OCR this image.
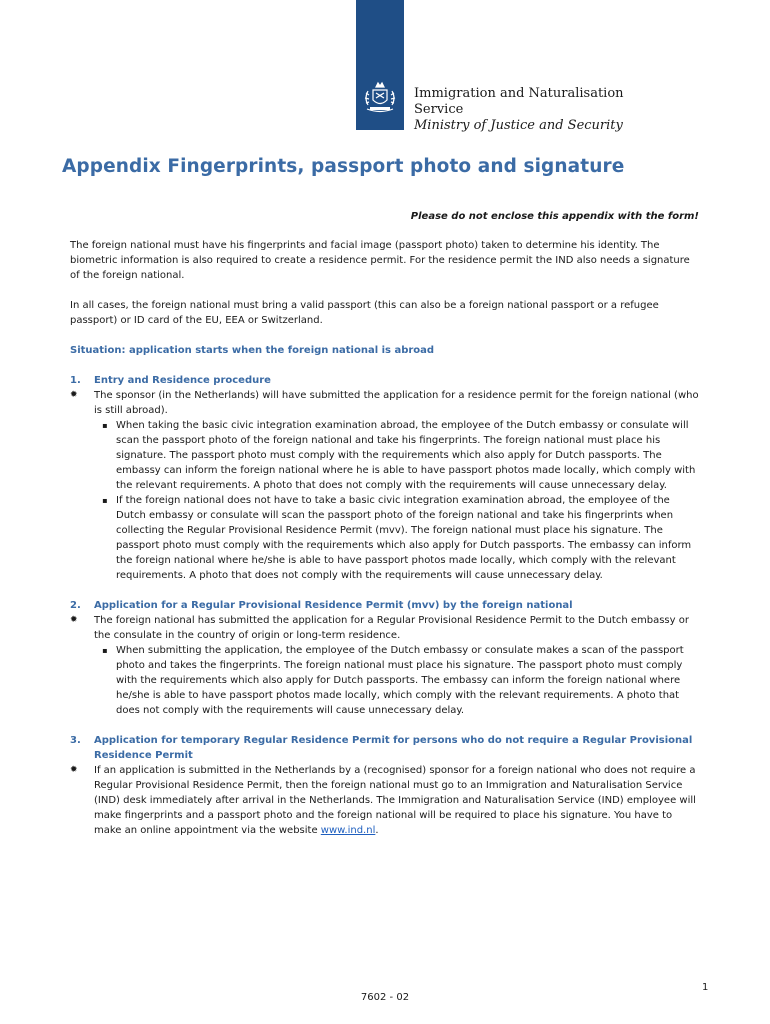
Immigration and Naturalisation
Service
Ministry of Justice and Security
Appendix Fingerprints, passport photo and signature
Please do not enclose this appendix with the form!

The foreign national must have his fingerprints and facial image (passport photo) taken to determine his identity. The biometric information is also required to create a residence permit. For the residence permit the IND also needs a signature of the foreign national.

In all cases, the foreign national must bring a valid passport (this can also be a foreign national passport or a refugee passport) or ID card of the EU, EEA or Switzerland.

Situation: application starts when the foreign national is abroad
1.	Entry and Residence procedure
✹	The sponsor (in the Netherlands) will have submitted the application for a residence permit for the foreign national (who is still abroad).
▪ When taking the basic civic integration examination abroad, the employee of the Dutch embassy or consulate will scan the passport photo of the foreign national and take his fingerprints. The foreign national must place his signature. The passport photo must comply with the requirements which also apply for Dutch passports. The embassy can inform the foreign national where he is able to have passport photos made locally, which comply with the relevant requirements. A photo that does not comply with the requirements will cause unnecessary delay.
▪ If the foreign national does not have to take a basic civic integration examination abroad, the employee of the Dutch embassy or consulate will scan the passport photo of the foreign national and take his fingerprints when collecting the Regular Provisional Residence Permit (mvv). The foreign national must place his signature. The passport photo must comply with the requirements which also apply for Dutch passports. The embassy can inform the foreign national where he/she is able to have passport photos made locally, which comply with the relevant requirements. A photo that does not comply with the requirements will cause unnecessary delay.
2.	Application for a Regular Provisional Residence Permit (mvv) by the foreign national
✹	The foreign national has submitted the application for a Regular Provisional Residence Permit to the Dutch embassy or the consulate in the country of origin or long-term residence.
▪ When submitting the application, the employee of the Dutch embassy or consulate makes a scan of the passport photo and takes the fingerprints. The foreign national must place his signature. The passport photo must comply with the requirements which also apply for Dutch passports. The embassy can inform the foreign national where he/she is able to have passport photos made locally, which comply with the relevant requirements. A photo that does not comply with the requirements will cause unnecessary delay.
3.	Application for temporary Regular Residence Permit for persons who do not require a Regular Provisional Residence Permit
✹	If an application is submitted in the Netherlands by a (recognised) sponsor for a foreign national who does not require a Regular Provisional Residence Permit, then the foreign national must go to an Immigration and Naturalisation Service (IND) desk immediately after arrival in the Netherlands. The Immigration and Naturalisation Service (IND) employee will make fingerprints and a passport photo and the foreign national will be required to place his signature. You have to make an online appointment via the website www.ind.nl.
1
7602 - 02
